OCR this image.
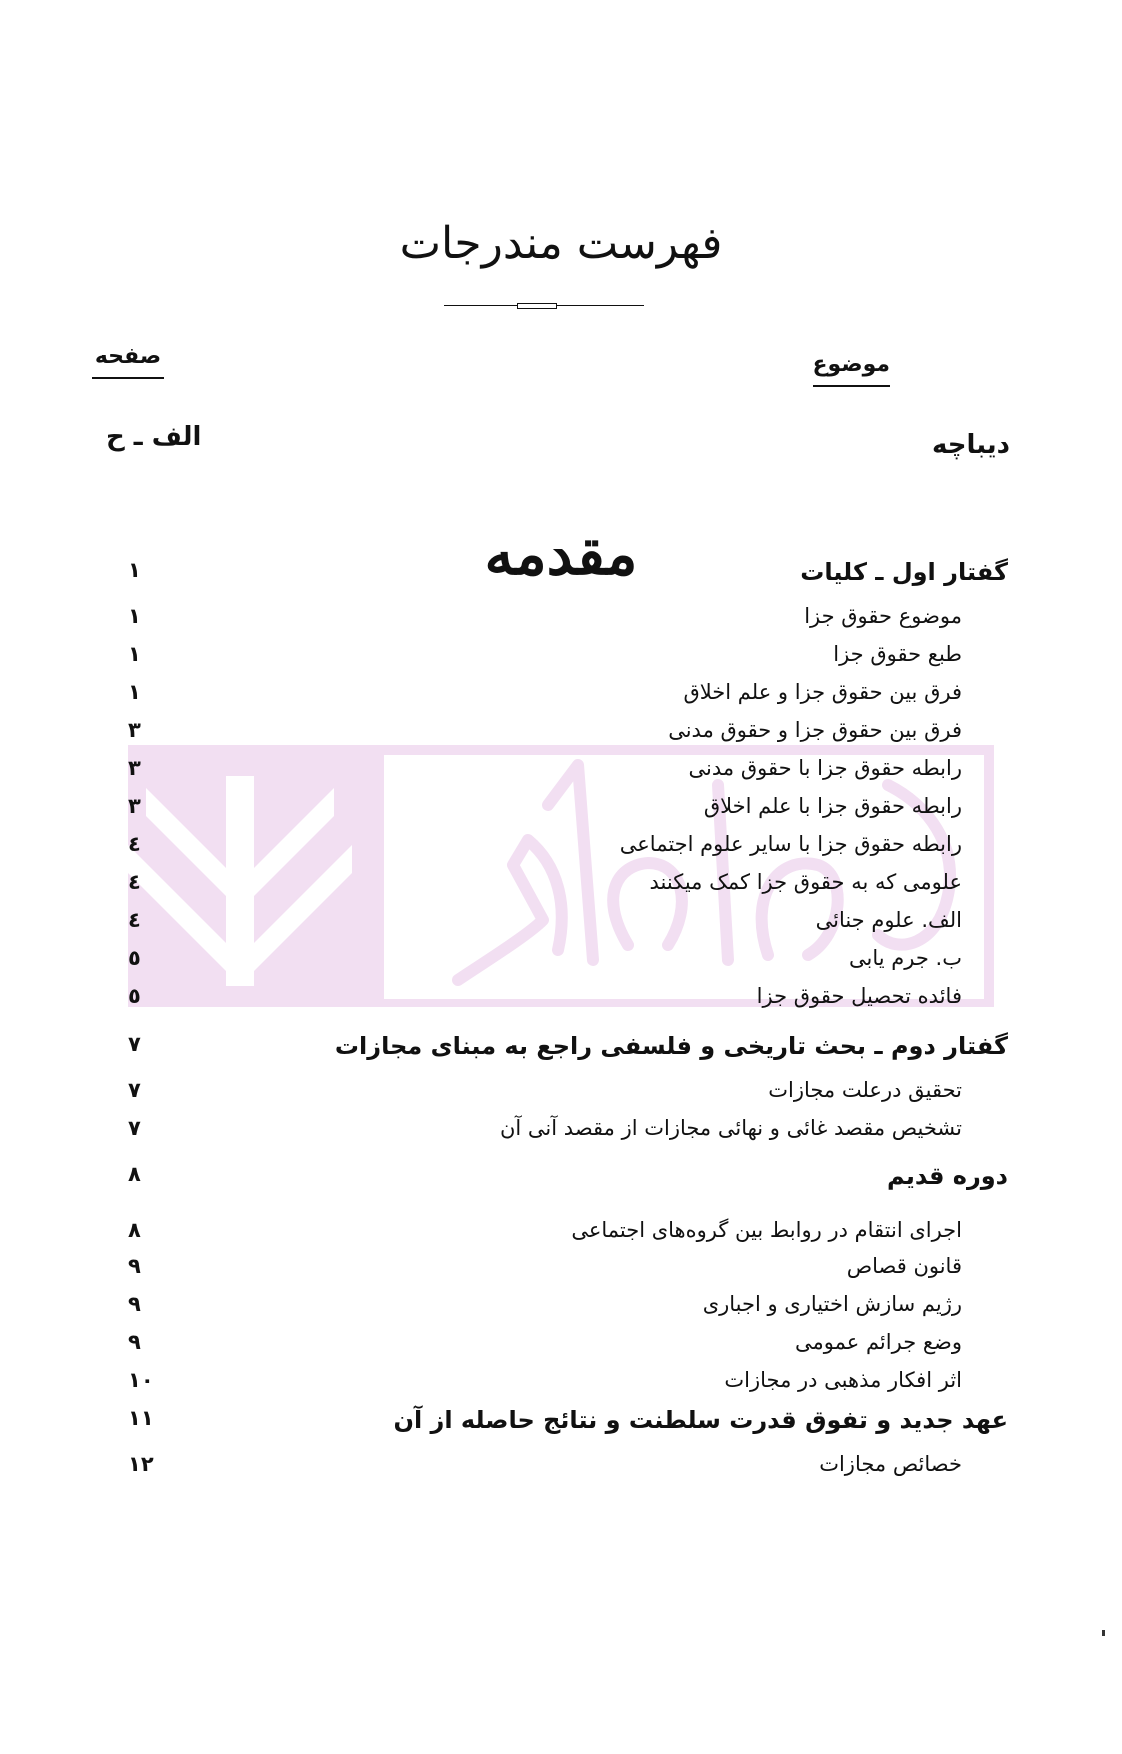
فهرست مندرجات
موضوع
صفحه
دیباچه
الف ـ ح
مقدمه	گفتار اول ـ کلیات
۱
موضوع حقوق جزا
۱
طبع حقوق جزا
۱
فرق بین حقوق جزا و علم اخلاق
۱
فرق بین حقوق جزا و حقوق مدنی
۳
رابطه حقوق جزا با حقوق مدنی
۳
رابطه حقوق جزا با علم اخلاق
۳
رابطه حقوق جزا با سایر علوم اجتماعی
٤
علومی که به حقوق جزا کمک میکنند
٤
الف. علوم جنائی
٤
ب. جرم یابی
٥
فائده تحصیل حقوق جزا
٥
گفتار دوم ـ بحث تاریخی و فلسفی راجع به مبنای مجازات
۷
تحقیق درعلت مجازات
۷
تشخیص مقصد غائی و نهائی مجازات از مقصد آنی آن
۷
دوره قدیم
۸
اجرای انتقام در روابط بین گروه‌های اجتماعی
۸
قانون قصاص
۹
رژیم سازش اختیاری و اجباری
۹
وضع جرائم عمومی
۹
اثر افکار مذهبی در مجازات
۱۰
عهد جدید و تفوق قدرت سلطنت و نتائج حاصله از آن
۱۱
خصائص مجازات
۱۲
